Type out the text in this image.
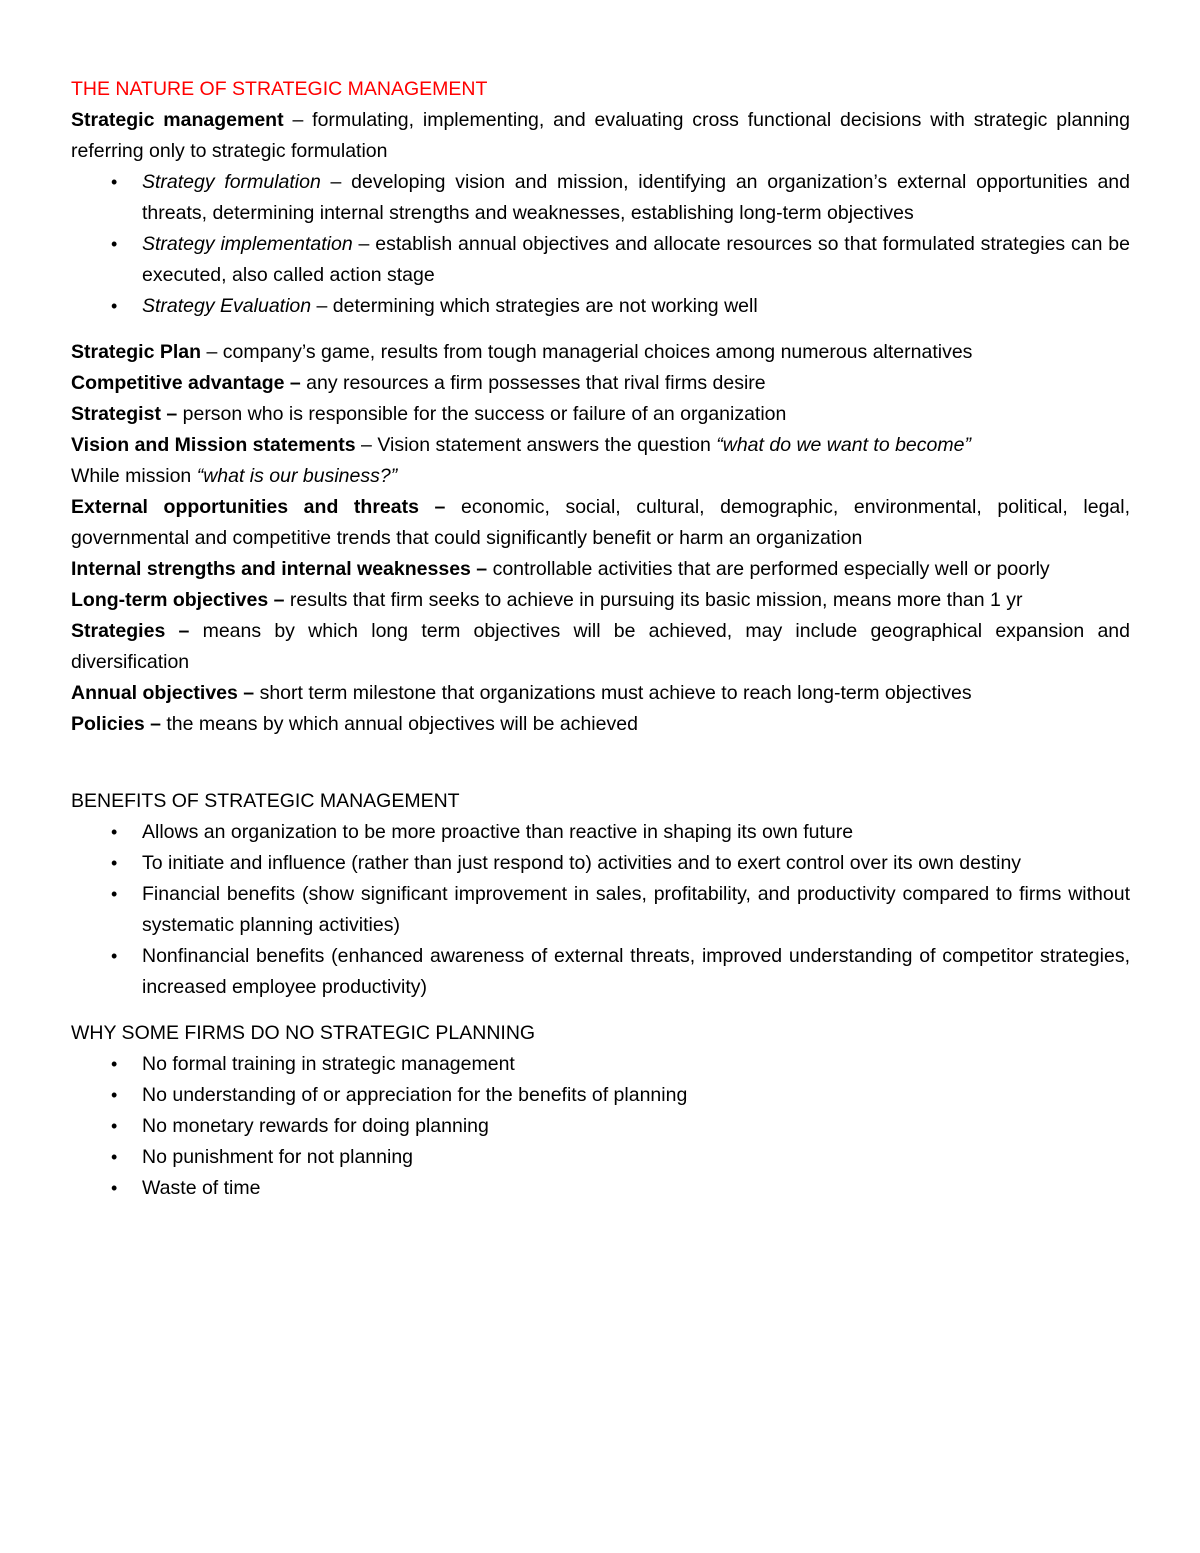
THE NATURE OF STRATEGIC MANAGEMENT

Strategic management – formulating, implementing, and evaluating cross functional decisions with strategic planning referring only to strategic formulation

• Strategy formulation – developing vision and mission, identifying an organization’s external opportunities and threats, determining internal strengths and weaknesses, establishing long-term objectives
• Strategy implementation – establish annual objectives and allocate resources so that formulated strategies can be executed, also called action stage
• Strategy Evaluation – determining which strategies are not working well

Strategic Plan – company’s game, results from tough managerial choices among numerous alternatives

Competitive advantage – any resources a firm possesses that rival firms desire

Strategist – person who is responsible for the success or failure of an organization

Vision and Mission statements – Vision statement answers the question “what do we want to become”

While mission “what is our business?”

External opportunities and threats – economic, social, cultural, demographic, environmental, political, legal, governmental and competitive trends that could significantly benefit or harm an organization

Internal strengths and internal weaknesses – controllable activities that are performed especially well or poorly

Long-term objectives – results that firm seeks to achieve in pursuing its basic mission, means more than 1 yr

Strategies – means by which long term objectives will be achieved, may include geographical expansion and diversification

Annual objectives – short term milestone that organizations must achieve to reach long-term objectives

Policies – the means by which annual objectives will be achieved

BENEFITS OF STRATEGIC MANAGEMENT

• Allows an organization to be more proactive than reactive in shaping its own future
• To initiate and influence (rather than just respond to) activities and to exert control over its own destiny
• Financial benefits (show significant improvement in sales, profitability, and productivity compared to firms without systematic planning activities)
• Nonfinancial benefits (enhanced awareness of external threats, improved understanding of competitor strategies, increased employee productivity)

WHY SOME FIRMS DO NO STRATEGIC PLANNING

• No formal training in strategic management
• No understanding of or appreciation for the benefits of planning
• No monetary rewards for doing planning
• No punishment for not planning
• Waste of time
